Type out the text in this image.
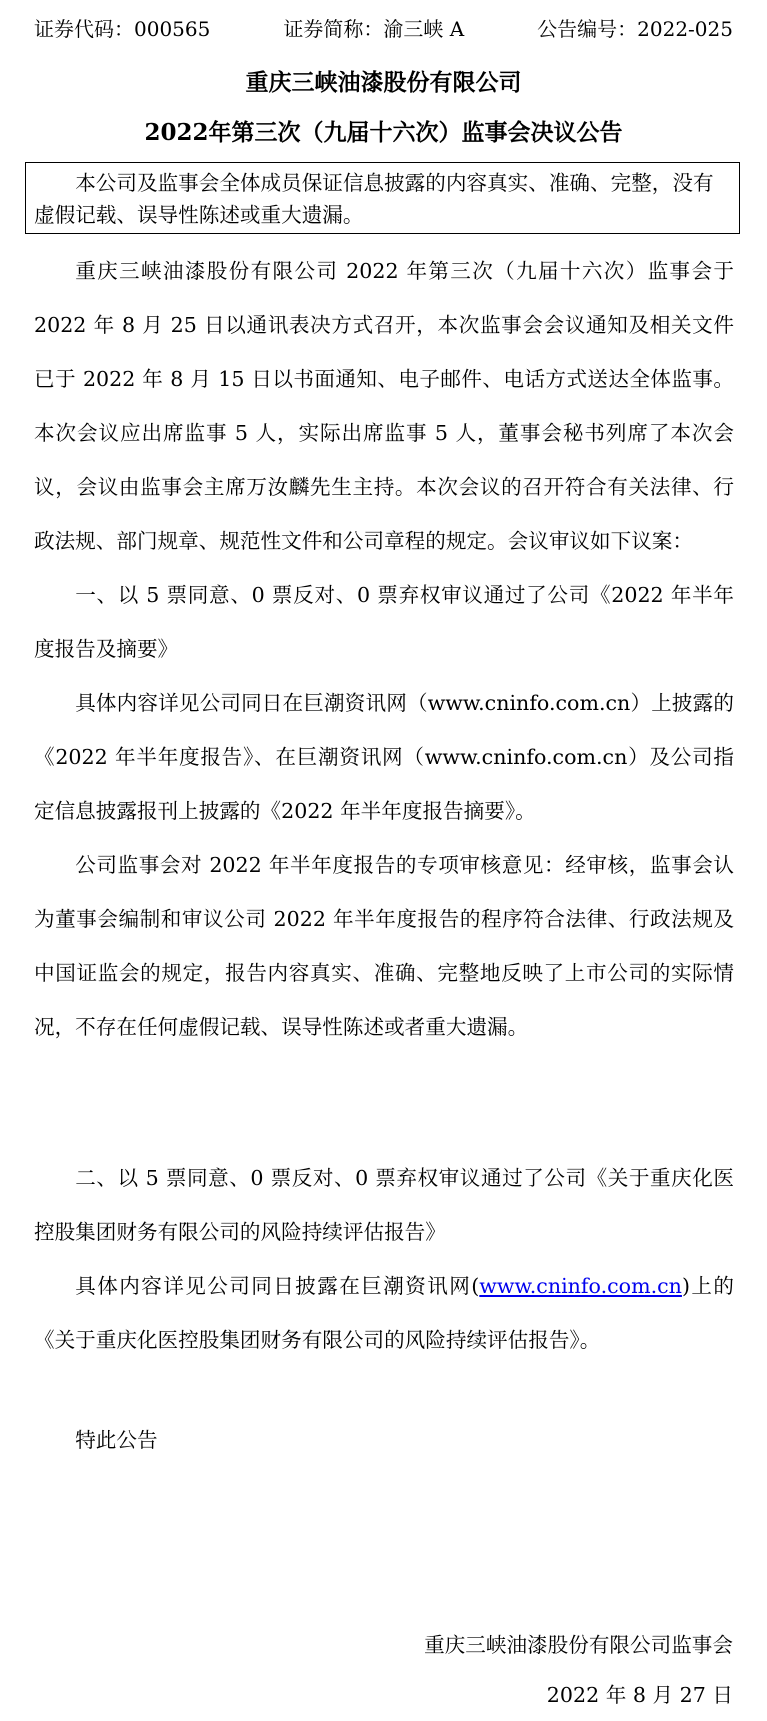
证券代码：000565	证券简称：渝三峡 A	公告编号：2022-025
重庆三峡油漆股份有限公司
2022年第三次（九届十六次）监事会决议公告

本公司及监事会全体成员保证信息披露的内容真实、准确、完整，没有虚假记载、误导性陈述或重大遗漏。

重庆三峡油漆股份有限公司 2022 年第三次（九届十六次）监事会于 2022 年 8 月 25 日以通讯表决方式召开，本次监事会会议通知及相关文件已于 2022 年 8 月 15 日以书面通知、电子邮件、电话方式送达全体监事。本次会议应出席监事 5 人，实际出席监事 5 人，董事会秘书列席了本次会议，会议由监事会主席万汝麟先生主持。本次会议的召开符合有关法律、行政法规、部门规章、规范性文件和公司章程的规定。会议审议如下议案：

一、以 5 票同意、0 票反对、0 票弃权审议通过了公司《2022 年半年度报告及摘要》

具体内容详见公司同日在巨潮资讯网（www.cninfo.com.cn）上披露的《2022 年半年度报告》、在巨潮资讯网（www.cninfo.com.cn）及公司指定信息披露报刊上披露的《2022 年半年度报告摘要》。

公司监事会对 2022 年半年度报告的专项审核意见：经审核，监事会认为董事会编制和审议公司 2022 年半年度报告的程序符合法律、行政法规及中国证监会的规定，报告内容真实、准确、完整地反映了上市公司的实际情况，不存在任何虚假记载、误导性陈述或者重大遗漏。

二、以 5 票同意、0 票反对、0 票弃权审议通过了公司《关于重庆化医控股集团财务有限公司的风险持续评估报告》

具体内容详见公司同日披露在巨潮资讯网(www.cninfo.com.cn)上的《关于重庆化医控股集团财务有限公司的风险持续评估报告》。

特此公告

重庆三峡油漆股份有限公司监事会
2022 年 8 月 27 日
